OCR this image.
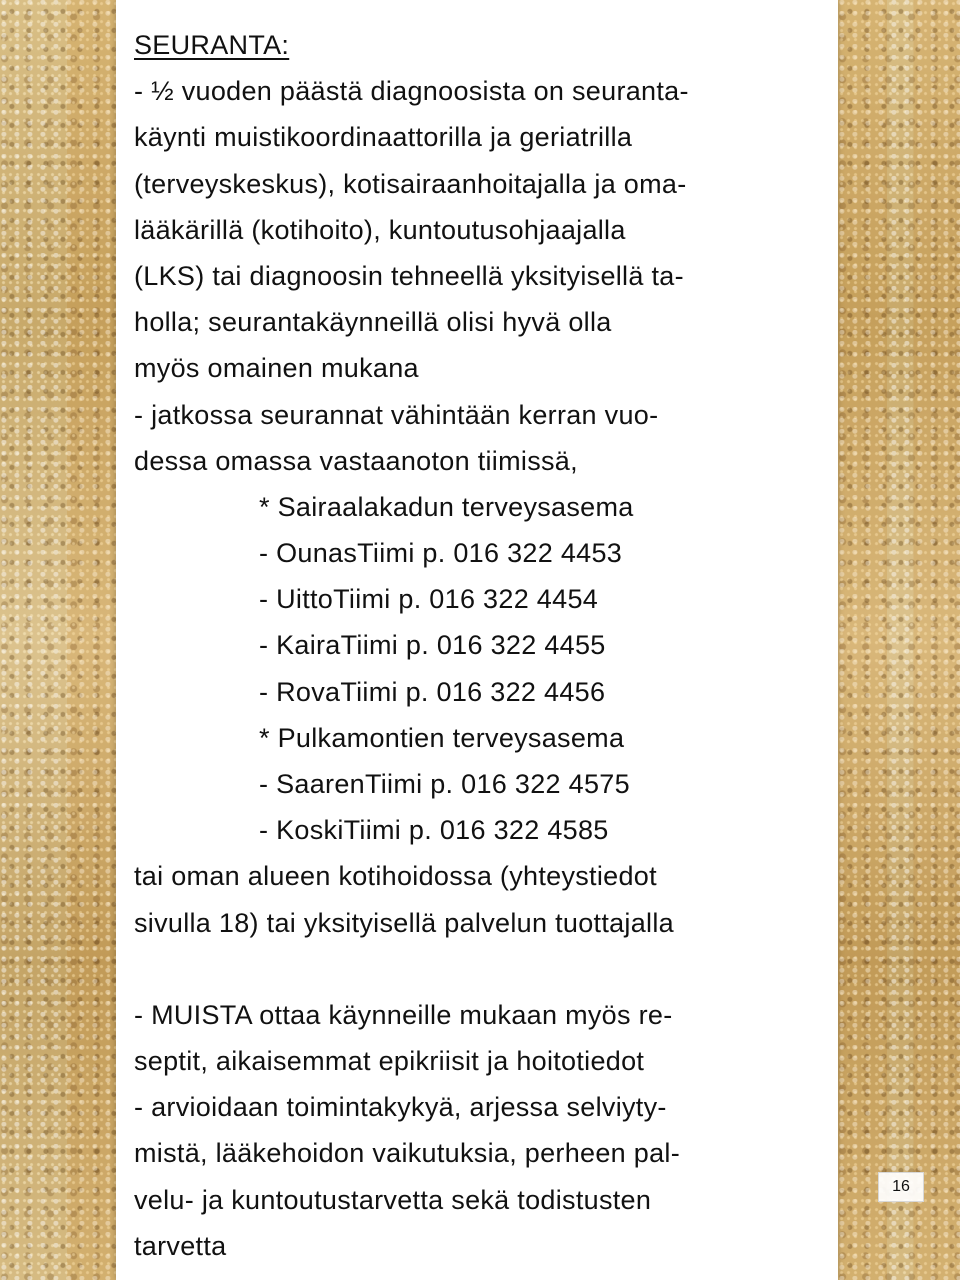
SEURANTA:
- ½ vuoden päästä diagnoosista on seuranta-
käynti muistikoordinaattorilla ja geriatrilla
(terveyskeskus), kotisairaanhoitajalla ja oma-
lääkärillä (kotihoito), kuntoutusohjaajalla
(LKS) tai diagnoosin tehneellä yksityisellä ta-
holla; seurantakäynneillä olisi hyvä olla
myös omainen mukana
- jatkossa seurannat vähintään kerran vuo-
dessa omassa vastaanoton tiimissä,
* Sairaalakadun terveysasema
- OunasTiimi p. 016 322 4453
- UittoTiimi p. 016 322 4454
- KairaTiimi p. 016 322 4455
- RovaTiimi p. 016 322 4456
* Pulkamontien terveysasema
- SaarenTiimi p. 016 322 4575
- KoskiTiimi p. 016 322 4585
tai oman alueen kotihoidossa (yhteystiedot
sivulla 18) tai yksityisellä palvelun tuottajalla
- MUISTA ottaa käynneille mukaan myös re-
septit, aikaisemmat epikriisit ja hoitotiedot
- arvioidaan toimintakykyä, arjessa selviyty-
mistä, lääkehoidon vaikutuksia, perheen pal-
velu- ja kuntoutustarvetta sekä todistusten
tarvetta
16
